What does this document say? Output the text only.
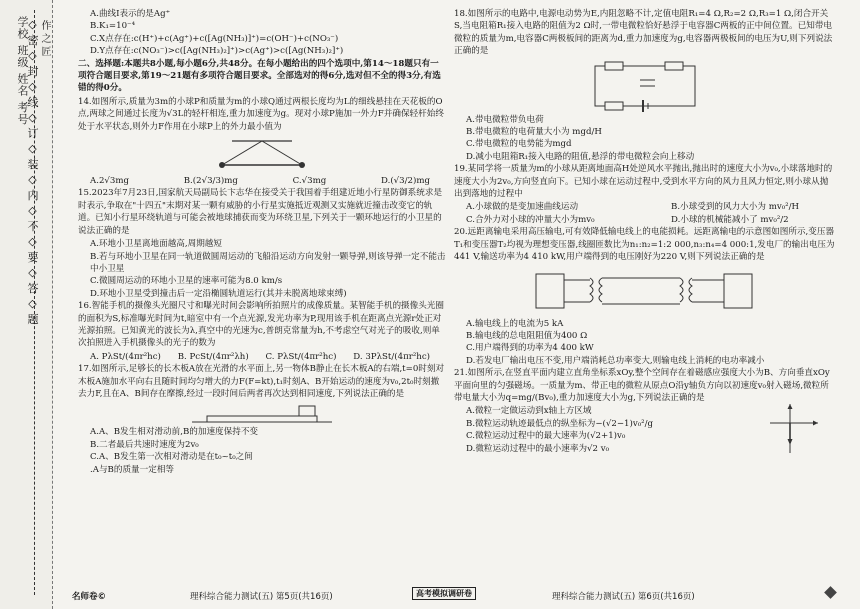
学校 班级 姓名 考号
◇ 密 ◇ 封 ◇ 线 ◇ 订 ◇ 装 ◇ 内 ◇ 不 ◇ 要 ◇ 答 ◇ 题 作 之 匠
A.曲线Ⅰ表示的是Ag⁺
B.K₁=10⁻⁴
C.X点存在:c(H⁺)+c(Ag⁺)+c([Ag(NH₃)]⁺)=c(OH⁻)+c(NO₃⁻)
D.Y点存在:c(NO₃⁻)>c([Ag(NH₃)₂]⁺)>c(Ag⁺)>c([Ag(NH₃)₂]⁺)
二、选择题:本题共8小题,每小题6分,共48分。在每小题给出的四个选项中,第14～18题只有一项符合题目要求,第19～21题有多项符合题目要求。全部选对的得6分,选对但不全的得3分,有选错的得0分。
14.如图所示,质量为3m的小球P和质量为m的小球Q通过两根长度均为L的细线悬挂在天花板的O点,两球之间通过长度为√3L的轻杆相连,重力加速度为g。现对小球P施加一外力F并确保轻杆始终处于水平状态,则外力F作用在小球P上的外力最小值为
A.2√3mg	B.(2√3/3)mg	C.√3mg	D.(√3/2)mg
15.2023年7月23日,国家航天局副局长卞志华在接受关于我国着手组建近地小行星防御系统求是时表示,争取在"十四五"末期对某一颗有威胁的小行星实施抵近观测又实施就近撞击改变它的轨道。已知小行星环绕轨道与可能会被地球捕获而变为环绕卫星,下列关于一颗环地运行的小卫星的说法正确的是
A.环地小卫星离地面越高,周期越短
B.若与环地小卫星在同一轨道做圆周运动的飞船沿运动方向发射一颗导弹,则该导弹一定不能击中小卫星
C.微圆周运动的环地小卫星的速率可能为8.0 km/s
D.环地小卫星受到撞击后一定沿椭圆轨道运行(其并未脱离地球束缚)
16.智能手机的摄像头光圈尺寸和曝光时间会影响所拍照片的成像质量。某智能手机的摄像头光圈的面积为S,标准曝光时间为t,暗室中有一个点光源,发光功率为P,现用该手机在距离点光源r处正对光源拍照。已知黄光的波长为λ,真空中的光速为c,普朗克常量为h,不考虑空气对光子的吸收,则单次拍照进入手机摄像头的光子的数为
A. PλSt/(4πr²hc) B. PcSt/(4πr²λh) C. PλSt/(4πr²hc) D. 3PλSt/(4πr²hc)
17.如图所示,足够长的长木板A放在光滑的水平面上,另一物体B静止在长木板A的右端,t=0时刻对木板A施加水平向右且随时间均匀增大的力F(F=kt),t₁时刻A、B开始运动的速度为v₀,2t₀时刻撤去力F,且在A、B间存在摩擦,经过一段时间后两者再次达到相同速度,下列说法正确的是
A.A、B发生相对滑动前,B的加速度保持不变
B.二者最后共速时速度为2v₀
C.A、B发生第一次相对滑动是在t₀~t₀之间
.A与B的质量一定相等
18.如图所示的电路中,电源电动势为E,内阻忽略不计,定值电阻R₁=4 Ω,R₂=2 Ω,R₃=1 Ω,闭合开关S,当电阻箱R₁接入电路的阻值为2 Ω时,一带电微粒恰好悬浮于电容器C两板的正中间位置。已知带电微粒的质量为m,电容器C两极板间的距离为d,重力加速度为g,电容器两极板间的电压为U,则下列说法正确的是
A.带电微粒带负电荷
B.带电微粒的电荷量大小为 mgd/H
C.带电微粒的电势能为mgd
D.减小电阻箱R₁接入电路的阻值,悬浮的带电微粒会向上移动
19.某同学将一质量为m的小球从距离地面高H处逆风水平抛出,抛出时的速度大小为v₀,小球落地时的速度大小为2v₀,方向竖直向下。已知小球在运动过程中,受到水平方向的风力且风力恒定,则小球从抛出到落地的过程中
A.小球做的是变加速曲线运动	B.小球受到的风力大小为 mv₀²/H
C.合外力对小球的冲量大小为mv₀	D.小球的机械能减小了 mv₀²/2
20.远距离输电采用高压输电,可有效降低输电线上的电能损耗。远距离输电的示意图如图所示,变压器T₁和变压器T₂均视为理想变压器,线圈匝数比为n₁:n₂=1:2 000,n₃:n₄=4 000:1,发电厂的输出电压为441 V,输送功率为4 410 kW,用户端得到的电压刚好为220 V,则下列说法正确的是
A.输电线上的电流为5 kA
B.输电线的总电阻阻值为400 Ω
C.用户端得到的功率为4 400 kW
D.若发电厂输出电压不变,用户端消耗总功率变大,则输电线上消耗的电功率减小
21.如图所示,在竖直平面内建立直角坐标系xOy,整个空间存在着磁感应强度大小为B、方向垂直xOy平面向里的匀强磁场。一质量为m、带正电的微粒从原点O沿y轴负方向以初速度v₀射入磁场,微粒所带电量大小为q=mg/(Bv₀),重力加速度大小为g,下列说法正确的是
A.微粒一定做运动到x轴上方区域
B.微粒运动轨迹最低点的纵坐标为−(√2−1)v₀²/g
C.微粒运动过程中的最大速率为(√2+1)v₀
D.微粒运动过程中的最小速率为√2 v₀
名师卷©	理科综合能力测试(五) 第5页(共16页)	高考模拟调研卷	理科综合能力测试(五) 第6页(共16页)
